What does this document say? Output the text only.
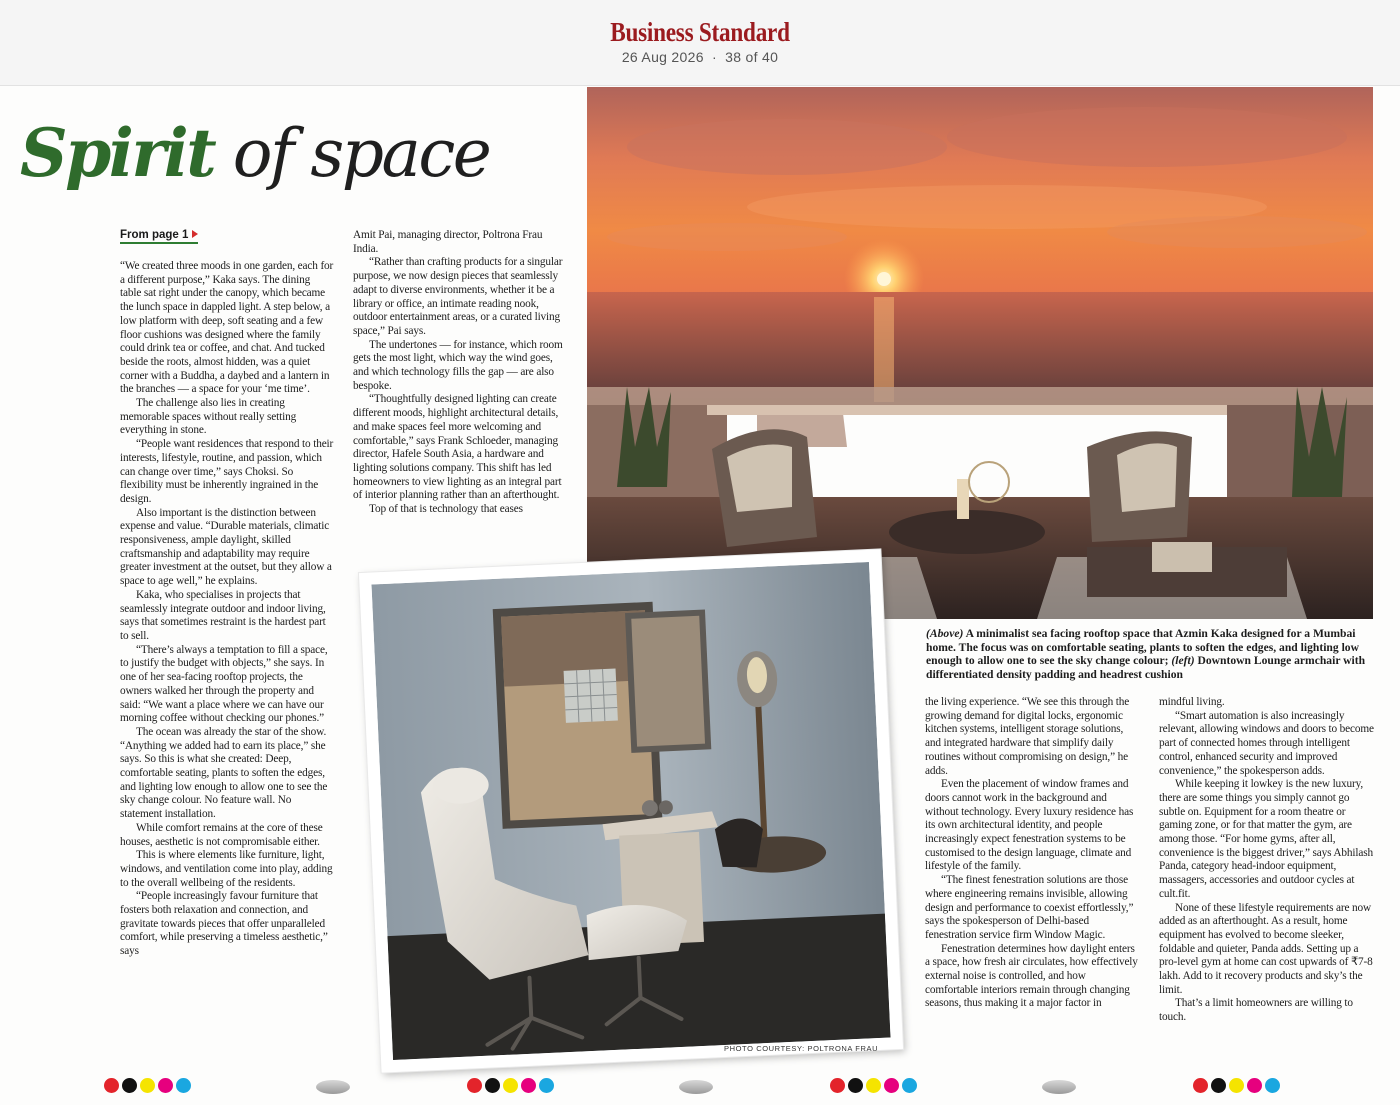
Business Standard
26 Aug 2026 · 38 of 40
Spirit of space
From page 1

“We created three moods in one garden, each for a different purpose,” Kaka says. The dining table sat right under the canopy, which became the lunch space in dappled light. A step below, a low platform with deep, soft seating and a few floor cushions was designed where the family could drink tea or coffee, and chat. And tucked beside the roots, almost hidden, was a quiet corner with a Buddha, a daybed and a lantern in the branches — a space for your ‘me time’.

The challenge also lies in creating memorable spaces without really setting everything in stone.

“People want residences that respond to their interests, lifestyle, routine, and passion, which can change over time,” says Choksi. So flexibility must be inherently ingrained in the design.

Also important is the distinction between expense and value. “Durable materials, climatic responsiveness, ample daylight, skilled craftsmanship and adaptability may require greater investment at the outset, but they allow a space to age well,” he explains.

Kaka, who specialises in projects that seamlessly integrate outdoor and indoor living, says that sometimes restraint is the hardest part to sell.

“There’s always a temptation to fill a space, to justify the budget with objects,” she says. In one of her sea-facing rooftop projects, the owners walked her through the property and said: “We want a place where we can have our morning coffee without checking our phones.”

The ocean was already the star of the show. “Anything we added had to earn its place,” she says. So this is what she created: Deep, comfortable seating, plants to soften the edges, and lighting low enough to allow one to see the sky change colour. No feature wall. No statement installation.

While comfort remains at the core of these houses, aesthetic is not compromisable either.

This is where elements like furniture, light, windows, and ventilation come into play, adding to the overall wellbeing of the residents.

“People increasingly favour furniture that fosters both relaxation and connection, and gravitate towards pieces that offer unparalleled comfort, while preserving a timeless aesthetic,” says

Amit Pai, managing director, Poltrona Frau India.

“Rather than crafting products for a singular purpose, we now design pieces that seamlessly adapt to diverse environments, whether it be a library or office, an intimate reading nook, outdoor entertainment areas, or a curated living space,” Pai says.

The undertones — for instance, which room gets the most light, which way the wind goes, and which technology fills the gap — are also bespoke.

“Thoughtfully designed lighting can create different moods, highlight architectural details, and make spaces feel more welcoming and comfortable,” says Frank Schloeder, managing director, Hafele South Asia, a hardware and lighting solutions company. This shift has led homeowners to view lighting as an integral part of interior planning rather than an afterthought.

Top of that is technology that eases

(Above) A minimalist sea facing rooftop space that Azmin Kaka designed for a Mumbai home. The focus was on comfortable seating, plants to soften the edges, and lighting low enough to allow one to see the sky change colour; (left) Downtown Lounge armchair with differentiated density padding and headrest cushion
PHOTO COURTESY: POLTRONA FRAU

the living experience. “We see this through the growing demand for digital locks, ergonomic kitchen systems, intelligent storage solutions, and integrated hardware that simplify daily routines without compromising on design,” he adds.

Even the placement of window frames and doors cannot work in the background and without technology. Every luxury residence has its own architectural identity, and people increasingly expect fenestration systems to be customised to the design language, climate and lifestyle of the family.

“The finest fenestration solutions are those where engineering remains invisible, allowing design and performance to coexist effortlessly,” says the spokesperson of Delhi-based fenestration service firm Window Magic.

Fenestration determines how daylight enters a space, how fresh air circulates, how effectively external noise is controlled, and how comfortable interiors remain through changing seasons, thus making it a major factor in

mindful living.

“Smart automation is also increasingly relevant, allowing windows and doors to become part of connected homes through intelligent control, enhanced security and improved convenience,” the spokesperson adds.

While keeping it lowkey is the new luxury, there are some things you simply cannot go subtle on. Equipment for a room theatre or gaming zone, or for that matter the gym, are among those. “For home gyms, after all, convenience is the biggest driver,” says Abhilash Panda, category head-indoor equipment, massagers, accessories and outdoor cycles at cult.fit.

None of these lifestyle requirements are now added as an afterthought. As a result, home equipment has evolved to become sleeker, foldable and quieter, Panda adds. Setting up a pro-level gym at home can cost upwards of ₹7-8 lakh. Add to it recovery products and sky’s the limit.

That’s a limit homeowners are willing to touch.
